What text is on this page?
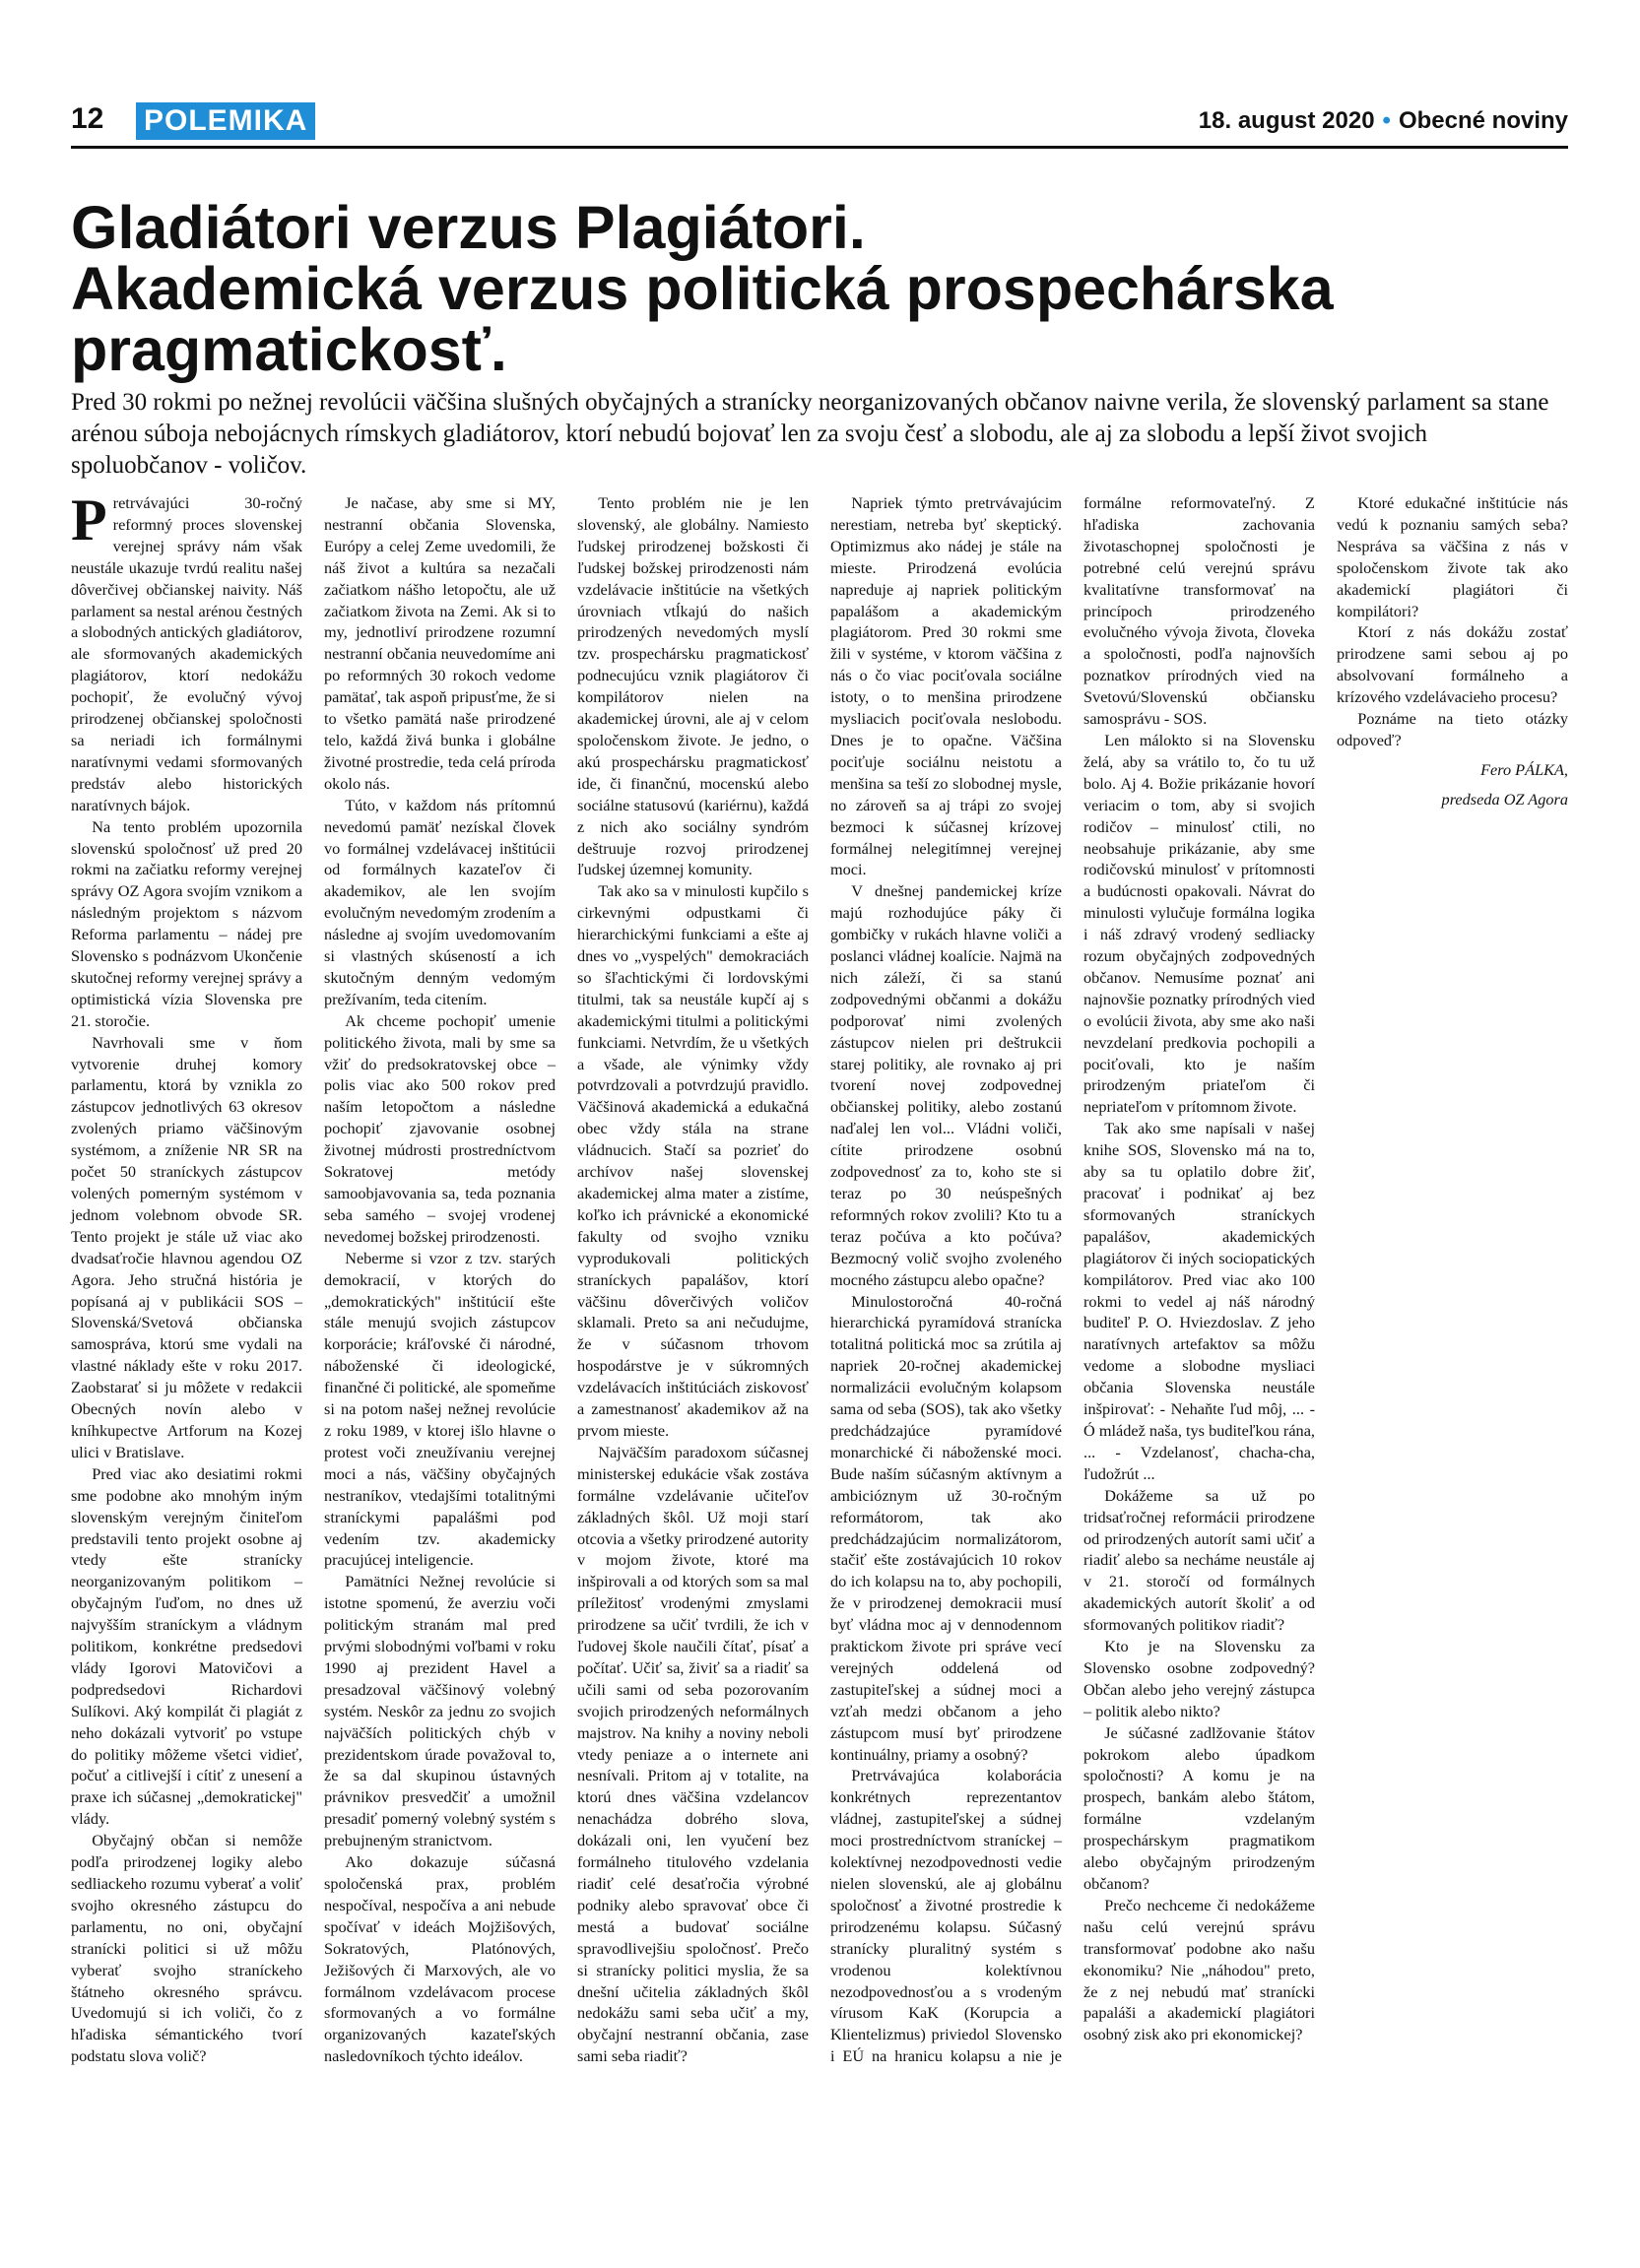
12 POLEMIKA	18. august 2020 • Obecné noviny
Gladiátori verzus Plagiátori.
Akademická verzus politická prospechárska
pragmatickosť.

Pred 30 rokmi po nežnej revolúcii väčšina slušných obyčajných a stranícky neorganizovaných občanov naivne verila, že slovenský parlament sa stane arénou súboja nebojácnych rímskych gladiátorov, ktorí nebudú bojovať len za svoju česť a slobodu, ale aj za slobodu a lepší život svojich spoluobčanov - voličov.

Pretrvávajúci 30-ročný reformný proces slovenskej verejnej správy nám však neustále ukazuje tvrdú realitu našej dôverčivej občianskej naivity. Náš parlament sa nestal arénou čestných a slobodných antických gladiátorov, ale sformovaných akademických plagiátorov, ktorí nedokážu pochopiť, že evolučný vývoj prirodzenej občianskej spoločnosti sa neriadi ich formálnymi naratívnymi vedami sformovaných predstáv alebo historických naratívnych bájok.

Na tento problém upozornila slovenskú spoločnosť už pred 20 rokmi na začiatku reformy verejnej správy OZ Agora svojím vznikom a následným projektom s názvom Reforma parlamentu – nádej pre Slovensko s podnázvom Ukončenie skutočnej reformy verejnej správy a optimistická vízia Slovenska pre 21. storočie.

Navrhovali sme v ňom vytvorenie druhej komory parlamentu, ktorá by vznikla zo zástupcov jednotlivých 63 okresov zvolených priamo väčšinovým systémom, a zníženie NR SR na počet 50 straníckych zástupcov volených pomerným systémom v jednom volebnom obvode SR. Tento projekt je stále už viac ako dvadsaťročie hlavnou agendou OZ Agora. Jeho stručná história je popísaná aj v publikácii SOS – Slovenská/Svetová občianska samospráva, ktorú sme vydali na vlastné náklady ešte v roku 2017. Zaobstarať si ju môžete v redakcii Obecných novín alebo v kníhkupectve Artforum na Kozej ulici v Bratislave.

Pred viac ako desiatimi rokmi sme podobne ako mnohým iným slovenským verejným činiteľom predstavili tento projekt osobne aj vtedy ešte stranícky neorganizovaným politikom – obyčajným ľuďom, no dnes už najvyšším straníckym a vládnym politikom, konkrétne predsedovi vlády Igorovi Matovičovi a podpredsedovi Richardovi Sulíkovi. Aký kompilát či plagiát z neho dokázali vytvoriť po vstupe do politiky môžeme všetci vidieť, počuť a citlivejší i cítiť z unesení a praxe ich súčasnej „demokratickej" vlády.

Obyčajný občan si nemôže podľa prirodzenej logiky alebo sedliackeho rozumu vyberať a voliť svojho okresného zástupcu do parlamentu, no oni, obyčajní stranícki politici si už môžu vyberať svojho straníckeho štátneho okresného správcu. Uvedomujú si ich voliči, čo z hľadiska sémantického tvorí podstatu slova volič?

Je načase, aby sme si MY, nestranní občania Slovenska, Európy a celej Zeme uvedomili, že náš život a kultúra sa nezačali začiatkom nášho letopočtu, ale už začiatkom života na Zemi. Ak si to my, jednotliví prirodzene rozumní nestranní občania neuvedomíme ani po reformných 30 rokoch vedome pamätať, tak aspoň pripusťme, že si to všetko pamätá naše prirodzené telo, každá živá bunka i globálne životné prostredie, teda celá príroda okolo nás.

Túto, v každom nás prítomnú nevedomú pamäť nezískal človek vo formálnej vzdelávacej inštitúcii od formálnych kazateľov či akademikov, ale len svojím evolučným nevedomým zrodením a následne aj svojím uvedomovaním si vlastných skúseností a ich skutočným denným vedomým prežívaním, teda citením.

Ak chceme pochopiť umenie politického života, mali by sme sa vžiť do predsokratovskej obce – polis viac ako 500 rokov pred naším letopočtom a následne pochopiť zjavovanie osobnej životnej múdrosti prostredníctvom Sokratovej metódy samoobjavovania sa, teda poznania seba samého – svojej vrodenej nevedomej božskej prirodzenosti.

Neberme si vzor z tzv. starých demokracií, v ktorých do „demokratických" inštitúcií ešte stále menujú svojich zástupcov korporácie; kráľovské či národné, náboženské či ideologické, finančné či politické, ale spomeňme si na potom našej nežnej revolúcie z roku 1989, v ktorej išlo hlavne o protest voči zneužívaniu verejnej moci a nás, väčšiny obyčajných nestraníkov, vtedajšími totalitnými straníckymi papalášmi pod vedením tzv. akademicky pracujúcej inteligencie.

Pamätníci Nežnej revolúcie si istotne spomenú, že averziu voči politickým stranám mal pred prvými slobodnými voľbami v roku 1990 aj prezident Havel a presadzoval väčšinový volebný systém. Neskôr za jednu zo svojich najväčších politických chýb v prezidentskom úrade považoval to, že sa dal skupinou ústavných právnikov presvedčiť a umožnil presadiť pomerný volebný systém s prebujneným stranictvom.

Ako dokazuje súčasná spoločenská prax, problém nespočíval, nespočíva a ani nebude spočívať v ideách Mojžišových, Sokratových, Platónových, Ježišových či Marxových, ale vo formálnom vzdelávacom procese sformovaných a vo formálne organizovaných kazateľských nasledovníkoch týchto ideálov.

Tento problém nie je len slovenský, ale globálny. Namiesto ľudskej prirodzenej božskosti či ľudskej božskej prirodzenosti nám vzdelávacie inštitúcie na všetkých úrovniach vtĺkajú do našich prirodzených nevedomých myslí tzv. prospechársku pragmatickosť podnecujúcu vznik plagiátorov či kompilátorov nielen na akademickej úrovni, ale aj v celom spoločenskom živote. Je jedno, o akú prospechársku pragmatickosť ide, či finančnú, mocenskú alebo sociálne statusovú (kariérnu), každá z nich ako sociálny syndróm deštruuje rozvoj prirodzenej ľudskej územnej komunity.

Tak ako sa v minulosti kupčilo s cirkevnými odpustkami či hierarchickými funkciami a ešte aj dnes vo „vyspelých" demokraciách so šľachtickými či lordovskými titulmi, tak sa neustále kupčí aj s akademickými titulmi a politickými funkciami. Netvrdím, že u všetkých a všade, ale výnimky vždy potvrdzovali a potvrdzujú pravidlo. Väčšinová akademická a edukačná obec vždy stála na strane vládnucich. Stačí sa pozrieť do archívov našej slovenskej akademickej alma mater a zistíme, koľko ich právnické a ekonomické fakulty od svojho vzniku vyprodukovali politických straníckych papalášov, ktorí väčšinu dôverčivých voličov sklamali. Preto sa ani nečudujme, že v súčasnom trhovom hospodárstve je v súkromných vzdelávacích inštitúciách ziskovosť a zamestnanosť akademikov až na prvom mieste.

Najväčším paradoxom súčasnej ministerskej edukácie však zostáva formálne vzdelávanie učiteľov základných škôl. Už moji starí otcovia a všetky prirodzené autority v mojom živote, ktoré ma inšpirovali a od ktorých som sa mal príležitosť vrodenými zmyslami prirodzene sa učiť tvrdili, že ich v ľudovej škole naučili čítať, písať a počítať. Učiť sa, živiť sa a riadiť sa učili sami od seba pozorovaním svojich prirodzených neformálnych majstrov. Na knihy a noviny neboli vtedy peniaze a o internete ani nesnívali. Pritom aj v totalite, na ktorú dnes väčšina vzdelancov nenachádza dobrého slova, dokázali oni, len vyučení bez formálneho titulového vzdelania riadiť celé desaťročia výrobné podniky alebo spravovať obce či mestá a budovať sociálne spravodlivejšiu spoločnosť. Prečo si stranícky politici myslia, že sa dnešní učitelia základných škôl nedokážu sami seba učiť a my, obyčajní nestranní občania, zase sami seba riadiť?

Napriek týmto pretrvávajúcim nerestiam, netreba byť skeptický. Optimizmus ako nádej je stále na mieste. Prirodzená evolúcia napreduje aj napriek politickým papalášom a akademickým plagiátorom. Pred 30 rokmi sme žili v systéme, v ktorom väčšina z nás o čo viac pociťovala sociálne istoty, o to menšina prirodzene mysliacich pociťovala neslobodu. Dnes je to opačne. Väčšina pociťuje sociálnu neistotu a menšina sa teší zo slobodnej mysle, no zároveň sa aj trápi zo svojej bezmoci k súčasnej krízovej formálnej nelegitímnej verejnej moci.

V dnešnej pandemickej kríze majú rozhodujúce páky či gombičky v rukách hlavne voliči a poslanci vládnej koalície. Najmä na nich záleží, či sa stanú zodpovednými občanmi a dokážu podporovať nimi zvolených zástupcov nielen pri deštrukcii starej politiky, ale rovnako aj pri tvorení novej zodpovednej občianskej politiky, alebo zostanú naďalej len vol... Vládni voliči, cítite prirodzene osobnú zodpovednosť za to, koho ste si teraz po 30 neúspešných reformných rokov zvolili? Kto tu a teraz počúva a kto počúva? Bezmocný volič svojho zvoleného mocného zástupcu alebo opačne?

Minulostoročná 40-ročná hierarchická pyramídová stranícka totalitná politická moc sa zrútila aj napriek 20-ročnej akademickej normalizácii evolučným kolapsom sama od seba (SOS), tak ako všetky predchádzajúce pyramídové monarchické či náboženské moci. Bude naším súčasným aktívnym a ambicióznym už 30-ročným reformátorom, tak ako predchádzajúcim normalizátorom, stačiť ešte zostávajúcich 10 rokov do ich kolapsu na to, aby pochopili, že v prirodzenej demokracii musí byť vládna moc aj v dennodennom praktickom živote pri správe vecí verejných oddelená od zastupiteľskej a súdnej moci a vzťah medzi občanom a jeho zástupcom musí byť prirodzene kontinuálny, priamy a osobný?

Pretrvávajúca kolaborácia konkrétnych reprezentantov vládnej, zastupiteľskej a súdnej moci prostredníctvom straníckej – kolektívnej nezodpovednosti vedie nielen slovenskú, ale aj globálnu spoločnosť a životné prostredie k prirodzenému kolapsu. Súčasný stranícky pluralitný systém s vrodenou kolektívnou nezodpovednosťou a s vrodeným vírusom KaK (Korupcia a Klientelizmus) priviedol Slovensko i EÚ na hranicu kolapsu a nie je formálne reformovateľný. Z hľadiska zachovania životaschopnej spoločnosti je potrebné celú verejnú správu kvalitatívne transformovať na princípoch prirodzeného evolučného vývoja života, človeka a spoločnosti, podľa najnovších poznatkov prírodných vied na Svetovú/Slovenskú občiansku samosprávu - SOS.

Len málokto si na Slovensku želá, aby sa vrátilo to, čo tu už bolo. Aj 4. Božie prikázanie hovorí veriacim o tom, aby si svojich rodičov – minulosť ctili, no neobsahuje prikázanie, aby sme rodičovskú minulosť v prítomnosti a budúcnosti opakovali. Návrat do minulosti vylučuje formálna logika i náš zdravý vrodený sedliacky rozum obyčajných zodpovedných občanov. Nemusíme poznať ani najnovšie poznatky prírodných vied o evolúcii života, aby sme ako naši nevzdelaní predkovia pochopili a pociťovali, kto je naším prirodzeným priateľom či nepriateľom v prítomnom živote.

Tak ako sme napísali v našej knihe SOS, Slovensko má na to, aby sa tu oplatilo dobre žiť, pracovať i podnikať aj bez sformovaných straníckych papalášov, akademických plagiátorov či iných sociopatických kompilátorov. Pred viac ako 100 rokmi to vedel aj náš národný buditeľ P. O. Hviezdoslav. Z jeho naratívnych artefaktov sa môžu vedome a slobodne mysliaci občania Slovenska neustále inšpirovať: - Nehaňte ľud môj, ... - Ó mládež naša, tys buditeľkou rána, ... - Vzdelanosť, chacha-cha, ľudožrút ...

Dokážeme sa už po tridsaťročnej reformácii prirodzene od prirodzených autorít sami učiť a riadiť alebo sa necháme neustále aj v 21. storočí od formálnych akademických autorít školiť a od sformovaných politikov riadiť?

Kto je na Slovensku za Slovensko osobne zodpovedný? Občan alebo jeho verejný zástupca – politik alebo nikto?

Je súčasné zadlžovanie štátov pokrokom alebo úpadkom spoločnosti? A komu je na prospech, bankám alebo štátom, formálne vzdelaným prospechárskym pragmatikom alebo obyčajným prirodzeným občanom?

Prečo nechceme či nedokážeme našu celú verejnú správu transformovať podobne ako našu ekonomiku? Nie „náhodou" preto, že z nej nebudú mať stranícki papaláši a akademickí plagiátori osobný zisk ako pri ekonomickej?

Ktoré edukačné inštitúcie nás vedú k poznaniu samých seba? Nespráva sa väčšina z nás v spoločenskom živote tak ako akademickí plagiátori či kompilátori?

Ktorí z nás dokážu zostať prirodzene sami sebou aj po absolvovaní formálneho a krízového vzdelávacieho procesu?

Poznáme na tieto otázky odpoveď?

Fero PÁLKA,

predseda OZ Agora
